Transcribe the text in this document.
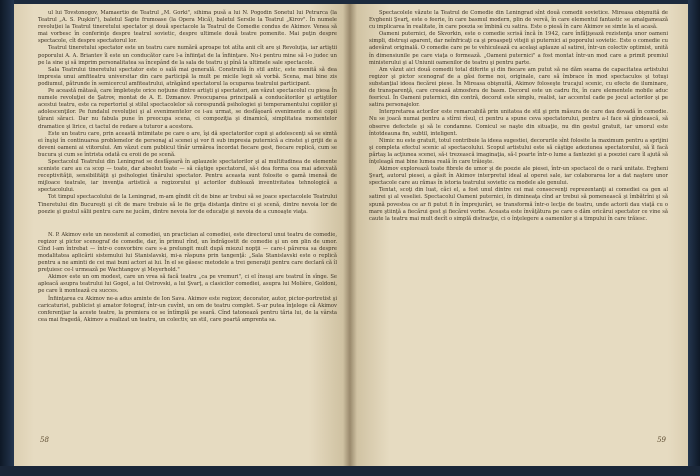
ul lui Tovstonogov, Mamaertio de Teatrul „M. Gorki", sihima pusă a lui N. Pogodin Sonetul lui Petrarca (la Teatrul „A. S. Puşkin"), baletul Sapte frumoase (la Opera Mică), baletul Sersile la Teatrul „Kirov". În numele revoluţiei la Teatrul tineretului spectator şi două spectacole la Teatrul de Comedie condus de Akimov. Venea să mai vorbesc în conferinţe despre teatrul sovietic, despre ultimele două teatre pomenite. Mai puţin despre spectacole, cît despre spectatorul lor.

Teatrul tineretului spectator este un teatru care numără aproape tot atîta anii cît are şi Revoluţia, iar artiştii poporului A. A. Briantev îl este un conducător care l-a înfiinţat de la înfiinţare. Nu-i pentru mine să l-o judec un pe la sine şi să imprim personalitatea sa începând de la sala de teatru şi pînă la ultimele sale spectacole.

Sala Teatrului tineretului spectator este o sală mai generală. Construită în stil antic, este menită să dea impresia unui amfiteatru universitar din care participă la mult pe micile legii să vorbă. Scena, mai bine zis podiumul, pătrunde în semicercul amfiteatrului, atrăgând spectatorul la ocuparea teatrului participant.

Pe această mătasă, care împleteşte orice noţiune dintre artişti şi spectatori, am văzut spectacolul cu piesa În numele revoluţiei de Şatrov, montat de A. E. Dzmanov. Preocuparea principală a conducătorilor şi artiştilor acestui teatru, este ca repertoriul şi stilul spectacolelor să corespundă psihologiei şi temperamentului copiilor şi adolescenţilor. Pe fundalul revoluţiei şi al evenimentelor ce i-au urmat, se desfăşoară evenimente a doi copii ţărani săraci. Dar nu fabula pune în preocupa scena, ci compoziţia şi dinamică, simplitatea momentelor dramatice şi lirice, ci tactul de redare a tuturor a acestora.

Este un teatru care, prin această intimitate pe care o are, îşi dă spectatorilor copii şi adolescenţi să se simtă ei înşişi în continuarea problemelor de personaj al scenei şi vor fi sub impresia puternică a cinstei şi grijii de a deveni oameni ai viitorului. Am văzut cum publicul tînăr urmărea încordat fiecare gest, fiecare replică, cum se bucura şi cum se întrista odată cu eroii de pe scenă.

Spectacolul Teatrului din Leningrad se desfăşoară în aplauzele spectatorilor şi al multitudinea de elemente sceniste care au ca scop — toate, dar absolut toate — să câştige spectatorul, să-i dea forma cea mai adecvată receptivităţii, sensibilităţii şi psihologiei tînărului spectator. Pentru aceasta sunt folosite o gamă imensă de mijloace teatrale, iar invenţia artistică a regizorului şi actorilor dublează inventivitatea tehnologică a spectacolului.

Tot timpul spectacolului de la Leningrad, m-am gîndit cît de bine ar trebui să se joace spectacolele Teatrului Tineretului din Bucureşti şi cît de mare trebuie să le fie grija distanţa dintre ei şi scenă, dintre nevoia lor de poezie şi gustul sălii pentru care ne jucăm, dintre nevoia lor de educaţie şi nevoia de a cunoaşte viaţa.

N. P. Akimov este un neostenit al comediei, un practician al comediei, este directorul unui teatru de comedie, regizor şi pictor scenograf de comedie, dar, în primul rînd, un îndrăgostit de comedie şi un om plin de umor. Cînd l-am întrebat — într-o convorbire care s-a prelungit mult după miezul nopţii — care-i părerea sa despre modalitatea aplicării sistemului lui Stanislavski, mi-a răspuns prin tangenţă: „Sala Stanislavski este o replică pentru a ne aminti de cei mai buni actori ai lui. În el se găsesc metodele a trei generaţii pentru care declară că îl preţuiesc ce-l urmează pe Wachtangov şi Meyerhold."

Akimov este un om modest, care un vrea să facă teatru „ca pe vremuri", ci el însuşi are teatrul în sînge. Se apleacă asupra teatrului lui Gogol, a lui Ostrovski, a lui Şvarţ, a clasicilor comediei, asupra lui Molière, Goldoni, pe care îi montează cu succes.

Înfiinţarea cu Akimov ne-a adus aminte de Ion Sava. Akimov este regizor, decorator, autor, pictor-portretist şi caricaturist, publicist şi amator fotograf, într-un cuvînt, un om de teatru complet. S-ar putea înţelege că Akimov conferenţiar la aceste teatre, la premiera ce se întîmplă pe seară. Cînd tatonează pentru tăria lui, de la vârsta cea mai fragedă, Akimov a realizat un teatru, un colectiv, un stil, care poartă amprenta sa.

58

Spectacolele văzute la Teatrul de Comedie din Leningrad sînt două comedii sovietice. Mireasa obişnuită de Evghenii Şvarţ, este o feerie, în care basmul modern, plin de vervă, în care elementul fantastic se amalgamează cu implicarea în realitate, în care poezia se îmbină cu satira. Este o piesă în care Akimov se simte la el acasă.

Oameni puternici, de Skvorkin, este o comedie scrisă încă în 1942, care înfăţişează rezistenţa unor oameni simpli, distruşi aparent, dar neînfricaţi ca şi proaspeţi vitejii şi puternici ai poporului sovietic. Este o comedie cu adevărat originală. O comedie care pe te vehiculează cu acelaşi aplauze al satirei, într-un colectiv optimist, unită în dimensiunile pe care viaţa o formează. „Oameni puternici" a fost montat într-un mod care a primit premiul ministerului şi al Uniunii oamenilor de teatru şi pentru parte.

Am văzut aici două comedii total diferite şi din fiecare am putut să ne dăm seama de capacitatea artistului regizor şi pictor scenograf de a găsi forme noi, originale, care să îmbrace în mod spectaculos şi totuşi substanţial ideea fiecărei piese. În Mireasa obişnuită, Akimov foloseşte trucajul scenic, cu efecte de iluminare, de transparenţă, care creează atmosfera de basm. Decorul este un cadru fix, în care elementele mobile aduc feericul. În Oameni puternici, din contră, decorul este simplu, realist, iar accentul cade pe jocul actorilor şi pe satira personajelor.

Interpretarea actorilor este remarcabilă prin unitatea de stil şi prin măsura de care dau dovadă în comedie. Nu se joacă numai pentru a stîrni rîsul, ci pentru a spune ceva spectatorului, pentru a-l face să gîndească, să observe defectele şi să le condamne. Comicul se naşte din situaţie, nu din gestul gratuit, iar umorul este întotdeauna fin, subtil, inteligent.

Nimic nu este gratuit, totul contribuie la ideea sugestiei, decorurile sînt folosite la maximum pentru a sprijini şi completa efectul scenic al spectacolului. Scopul artistului este să câştige adeziunea spectatorului, să îl facă părtaş la acţiunea scenei, să-i trezească imaginaţia, să-l poarte într-o lume a fanteziei şi a poeziei care îl ajută să înţeleagă mai bine lumea reală în care trăieşte.

Akimov explorează toate fibrele de umor şi de poezie ale piesei, într-un spectacol de o rară unitate. Evgheni Şvarţ, autorul piesei, a găsit în Akimov interpretul ideal al operei sale, iar colaborarea lor a dat naştere unor spectacole care au rămas în istoria teatrului sovietic ca modele ale genului.

Tentat, scoţi din luat, căci el, a fost unul dintre cei mai consecvenţi reprezentanţi ai comediei ca gen al satirei şi al veseliei. Spectacolul Oameni puternici, în dimineaţa cînd ar trebui să pomenească şi îmbătrîni şi să spună povestea ce ar fi putut fi în împrejurări, se transformă într-o lecţie de teatru, unde actorii dau viaţă cu o mare ştiinţă a fiecărui gest şi fiecărei vorbe. Aceasta este învăţătura pe care o dăm oricărui spectator ce vine să caute la teatru mai mult decît o simplă distracţie, ci o înţelegere a oamenilor şi a timpului în care trăiesc.

59
